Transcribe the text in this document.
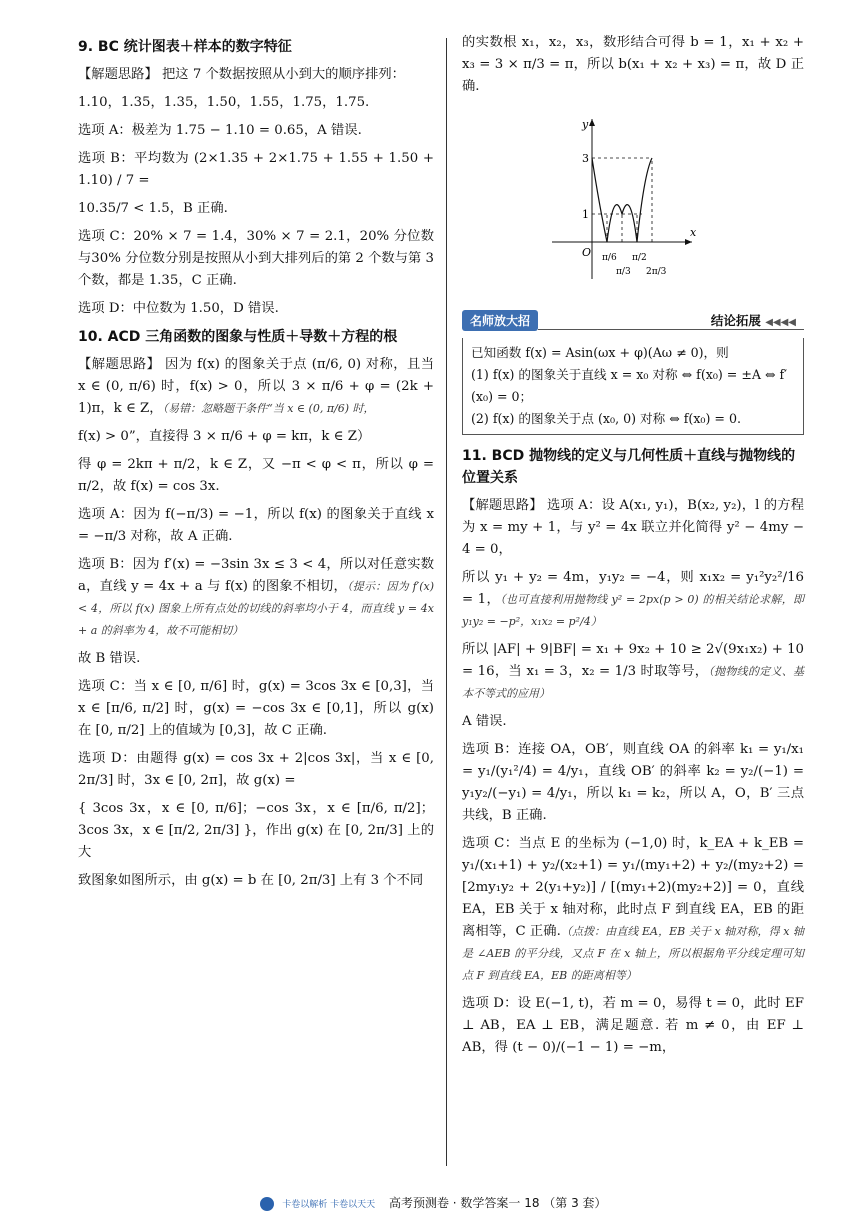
9. BC 统计图表＋样本的数字特征

【解题思路】 把这 7 个数据按照从小到大的顺序排列：

1.10，1.35，1.35，1.50，1.55，1.75，1.75.

选项 A：极差为 1.75 − 1.10 = 0.65，A 错误.

选项 B：平均数为 (2×1.35 + 2×1.75 + 1.55 + 1.50 + 1.10) / 7 =

10.35/7 < 1.5，B 正确.

选项 C：20% × 7 = 1.4，30% × 7 = 2.1，20% 分位数与30% 分位数分别是按照从小到大排列后的第 2 个数与第 3 个数，都是 1.35，C 正确.

选项 D：中位数为 1.50，D 错误.

10. ACD 三角函数的图象与性质＋导数＋方程的根

【解题思路】 因为 f(x) 的图象关于点 (π/6, 0) 对称，且当 x ∈ (0, π/6) 时，f(x) > 0，所以 3 × π/6 + φ = (2k + 1)π，k ∈ Z，（易错：忽略题干条件“当 x ∈ (0, π/6) 时，

f(x) > 0”，直接得 3 × π/6 + φ = kπ，k ∈ Z）

得 φ = 2kπ + π/2，k ∈ Z，又 −π < φ < π，所以 φ = π/2，故 f(x) = cos 3x.

选项 A：因为 f(−π/3) = −1，所以 f(x) 的图象关于直线 x = −π/3 对称，故 A 正确.

选项 B：因为 f′(x) = −3sin 3x ≤ 3 < 4，所以对任意实数 a，直线 y = 4x + a 与 f(x) 的图象不相切，（提示：因为 f′(x) < 4，所以 f(x) 图象上所有点处的切线的斜率均小于 4，而直线 y = 4x + a 的斜率为 4，故不可能相切）

故 B 错误.

选项 C：当 x ∈ [0, π/6] 时，g(x) = 3cos 3x ∈ [0,3]，当 x ∈ [π/6, π/2] 时，g(x) = −cos 3x ∈ [0,1]，所以 g(x) 在 [0, π/2] 上的值域为 [0,3]，故 C 正确.

选项 D：由题得 g(x) = cos 3x + 2|cos 3x|，当 x ∈ [0, 2π/3] 时，3x ∈ [0, 2π]，故 g(x) =

{ 3cos 3x，x ∈ [0, π/6]；−cos 3x，x ∈ [π/6, π/2]；3cos 3x，x ∈ [π/2, 2π/3] }，作出 g(x) 在 [0, 2π/3] 上的大

致图象如图所示，由 g(x) = b 在 [0, 2π/3] 上有 3 个不同

的实数根 x₁，x₂，x₃，数形结合可得 b = 1，x₁ + x₂ + x₃ = 3 × π/3 = π，所以 b(x₁ + x₂ + x₃) = π，故 D 正确.

y
x
O
3
1
π/6
π/3
π/2
2π/3
名师放大招	结论拓展 ◀◀◀◀
已知函数 f(x) = Asin(ωx + φ)(Aω ≠ 0)，则
(1) f(x) 的图象关于直线 x = x₀ 对称 ⇔ f(x₀) = ±A ⇔ f′(x₀) = 0；
(2) f(x) 的图象关于点 (x₀, 0) 对称 ⇔ f(x₀) = 0.
11. BCD 抛物线的定义与几何性质＋直线与抛物线的位置关系

【解题思路】 选项 A：设 A(x₁, y₁)，B(x₂, y₂)，l 的方程为 x = my + 1，与 y² = 4x 联立并化简得 y² − 4my − 4 = 0，

所以 y₁ + y₂ = 4m，y₁y₂ = −4，则 x₁x₂ = y₁²y₂²/16 = 1，（也可直接利用抛物线 y² = 2px(p > 0) 的相关结论求解，即 y₁y₂ = −p²，x₁x₂ = p²/4）

所以 |AF| + 9|BF| = x₁ + 9x₂ + 10 ≥ 2√(9x₁x₂) + 10 = 16，当 x₁ = 3，x₂ = 1/3 时取等号，（抛物线的定义、基本不等式的应用）

A 错误.

选项 B：连接 OA，OB′，则直线 OA 的斜率 k₁ = y₁/x₁ = y₁/(y₁²/4) = 4/y₁，直线 OB′ 的斜率 k₂ = y₂/(−1) = y₁y₂/(−y₁) = 4/y₁，所以 k₁ = k₂，所以 A，O，B′ 三点共线，B 正确.

选项 C：当点 E 的坐标为 (−1,0) 时，k_EA + k_EB = y₁/(x₁+1) + y₂/(x₂+1) = y₁/(my₁+2) + y₂/(my₂+2) = [2my₁y₂ + 2(y₁+y₂)] / [(my₁+2)(my₂+2)] = 0，直线 EA，EB 关于 x 轴对称，此时点 F 到直线 EA，EB 的距离相等，C 正确.（点拨：由直线 EA，EB 关于 x 轴对称，得 x 轴是 ∠AEB 的平分线，又点 F 在 x 轴上，所以根据角平分线定理可知点 F 到直线 EA，EB 的距离相等）

选项 D：设 E(−1, t)，若 m = 0，易得 t = 0，此时 EF ⊥ AB，EA ⊥ EB，满足题意. 若 m ≠ 0，由 EF ⊥ AB，得 (t − 0)/(−1 − 1) = −m，

卡卷以解析 卡卷以天天 高考预测卷 · 数学答案一 18 （第 3 套）
